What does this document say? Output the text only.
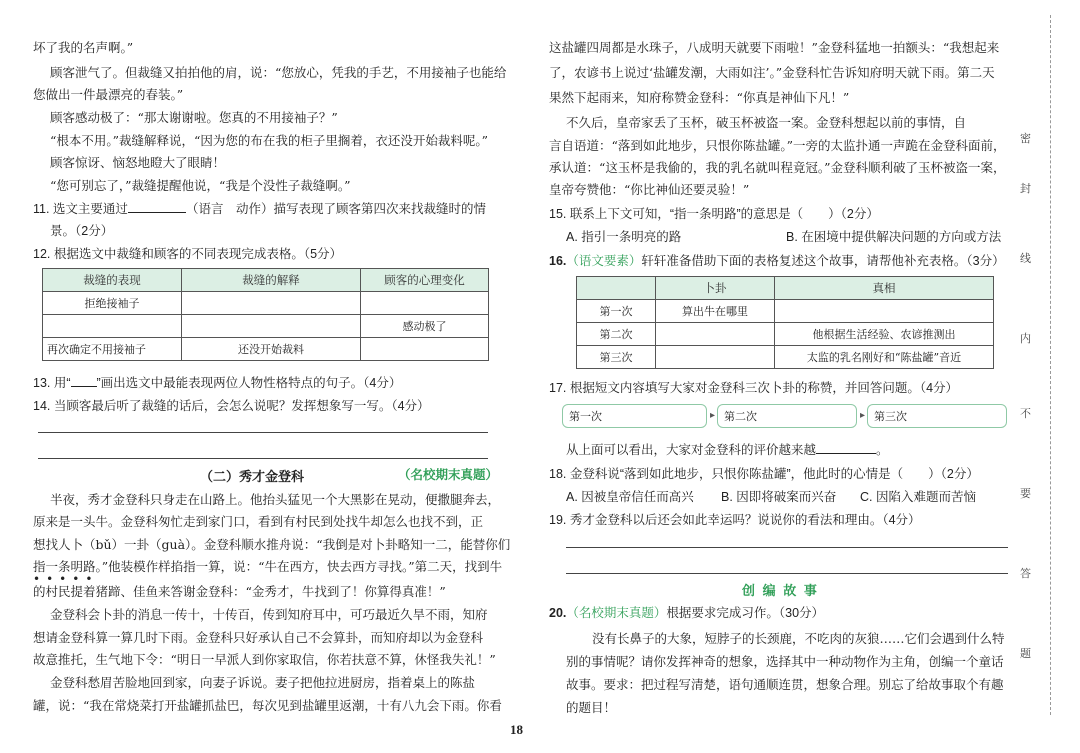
坏了我的名声啊。”
顾客泄气了。但裁缝又拍拍他的肩，说：“您放心，凭我的手艺，不用接袖子也能给
您做出一件最漂亮的春装。”
顾客感动极了：“那太谢谢啦。您真的不用接袖子？”
“根本不用。”裁缝解释说，“因为您的布在我的柜子里搁着，衣还没开始裁料呢。”
顾客惊讶、恼怒地瞪大了眼睛！
“您可别忘了，”裁缝提醒他说，“我是个没性子裁缝啊。”
11. 选文主要通过	（语言　动作）描写表现了顾客第四次来找裁缝时的情
景。（2分）
12. 根据选文中裁缝和顾客的不同表现完成表格。（5分）
裁缝的表现	裁缝的解释	顾客的心理变化
拒绝接袖子		
		感动极了
再次确定不用接袖子	还没开始裁料	
13. 用“ ”画出选文中最能表现两位人物性格特点的句子。（4分）
14. 当顾客最后听了裁缝的话后，会怎么说呢？发挥想象写一写。（4分）
（二）秀才金登科	（名校期末真题）
半夜，秀才金登科只身走在山路上。他抬头猛见一个大黑影在晃动，便撒腿奔去，
原来是一头牛。金登科匆忙走到家门口，看到有村民到处找牛却怎么也找不到，正
想找人卜（bǔ）一卦（guà）。金登科顺水推舟说：“我倒是对卜卦略知一二，能替你们
指一条明路。”他装模作样掐指一算，说：“牛在西方，快去西方寻找。”第二天，找到牛
•••••
的村民提着猪蹄、佳鱼来答谢金登科：“金秀才，牛找到了！你算得真准！”
金登科会卜卦的消息一传十，十传百，传到知府耳中，可巧最近久旱不雨，知府
想请金登科算一算几时下雨。金登科只好承认自己不会算卦，而知府却以为金登科
故意推托，生气地下令：“明日一早派人到你家取信，你若扶意不算，休怪我失礼！”
金登科愁眉苦脸地回到家，向妻子诉说。妻子把他拉进厨房，指着桌上的陈盐
罐，说：“我在常烧菜打开盐罐抓盐巴，每次见到盐罐里返潮，十有八九会下雨。你看
这盐罐四周都是水珠子，八成明天就要下雨啦！”金登科猛地一拍额头：“我想起来
了，农谚书上说过‘盐罐发潮，大雨如注’。”金登科忙告诉知府明天就下雨。第二天
果然下起雨来，知府称赞金登科：“你真是神仙下凡！”
不久后，皇帝家丢了玉杯，破玉杯被盗一案。金登科想起以前的事情，自
言自语道：“落到如此地步，只恨你陈盐罐。”一旁的太监扑通一声跪在金登科面前，
承认道：“这玉杯是我偷的，我的乳名就叫程竟冠。”金登科顺利破了玉杯被盗一案，
皇帝夸赞他：“你比神仙还要灵验！”
15. 联系上下文可知，“指一条明路”的意思是（　　）（2分）
A. 指引一条明亮的路	B. 在困境中提供解决问题的方向或方法
16.（语文要素）轩轩准备借助下面的表格复述这个故事，请帮他补充表格。（3分）
	卜卦	真相
第一次	算出牛在哪里	
第二次		他根据生活经验、农谚推测出
第三次		太监的乳名刚好和“陈盐罐”音近
17. 根据短文内容填写大家对金登科三次卜卦的称赞，并回答问题。（4分）
第一次	▸ 第二次	▸ 第三次
从上面可以看出，大家对金登科的评价越来越	。
18. 金登科说“落到如此地步，只恨你陈盐罐”，他此时的心情是（　　）（2分）
A. 因被皇帝信任而高兴 B. 因即将破案而兴奋 C. 因陷入难题而苦恼
19. 秀才金登科以后还会如此幸运吗？说说你的看法和理由。（4分）
创 编 故 事
20.（名校期末真题）根据要求完成习作。（30分）
没有长鼻子的大象，短脖子的长颈鹿，不吃肉的灰狼……它们会遇到什么特
别的事情呢？请你发挥神奇的想象，选择其中一种动物作为主角，创编一个童话
故事。要求：把过程写清楚，语句通顺连贯，想象合理。别忘了给故事取个有趣
的题目！
密
封
线
内
不
要
答
题
18
